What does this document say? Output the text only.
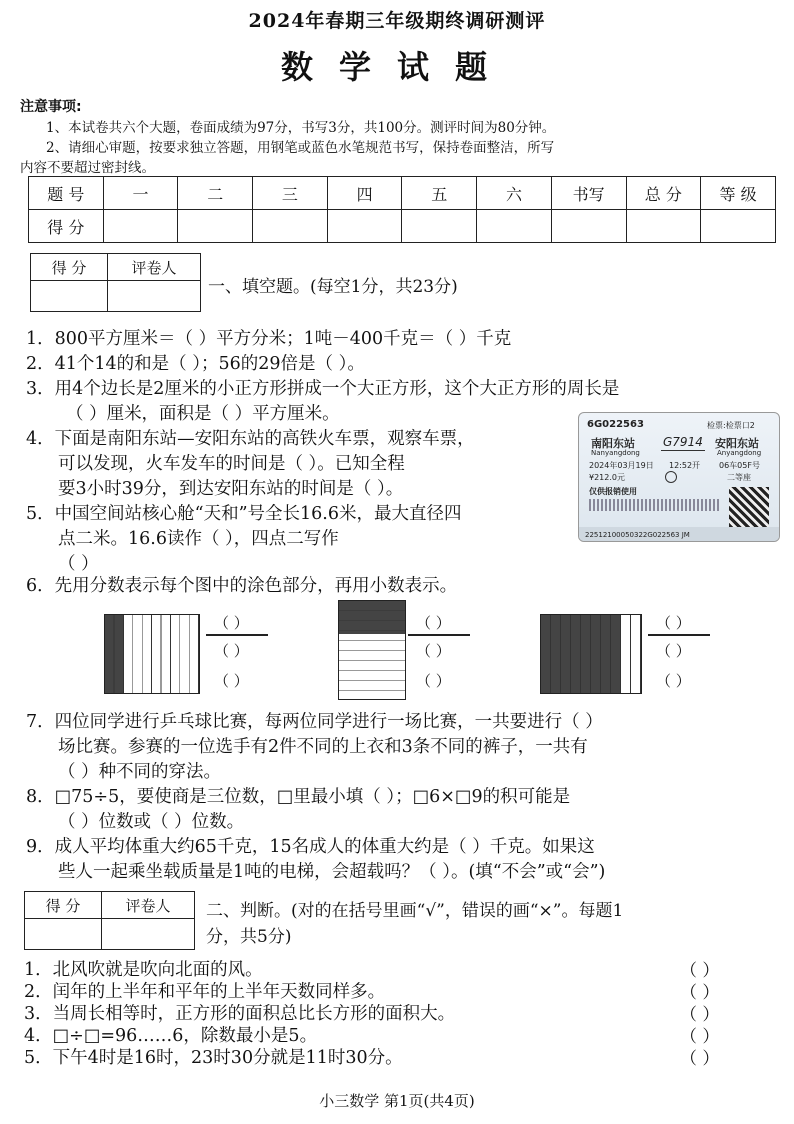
2024年春期三年级期终调研测评
数学试题
注意事项:
1、本试卷共六个大题，卷面成绩为97分，书写3分，共100分。测评时间为80分钟。
2、请细心审题，按要求独立答题，用钢笔或蓝色水笔规范书写，保持卷面整洁，所写
内容不要超过密封线。
题 号	一	二	三	四	五	六	书写	总 分	等 级
得 分									
得 分	评卷人

一、填空题。(每空1分，共23分)
1．800平方厘米＝（ ）平方分米；1吨－400千克＝（ ）千克
2．41个14的和是（ ）；56的29倍是（ ）。
3．用4个边长是2厘米的小正方形拼成一个大正方形，这个大正方形的周长是
（ ）厘米，面积是（ ）平方厘米。
4．下面是南阳东站—安阳东站的高铁火车票，观察车票，
可以发现，火车发车的时间是（ ）。已知全程
要3小时39分，到达安阳东站的时间是（ ）。
5．中国空间站核心舱“天和”号全长16.6米，最大直径四
点二米。16.6读作（ ），四点二写作
（ ）
6G022563	检票:检票口2
南阳东站
Nanyangdong
G7914 安阳东站
Anyangdong
2024年03月19日 12:52开 06车05F号
¥212.0元	二等座
仅供报销使用
22512100050322G022563 JM
6．先用分数表示每个图中的涂色部分，再用小数表示。
（ ）
（ ）
（ ）
（ ）
（ ）
（ ）
（ ）
（ ）
（ ）
7．四位同学进行乒乓球比赛，每两位同学进行一场比赛，一共要进行（ ）
场比赛。参赛的一位选手有2件不同的上衣和3条不同的裤子，一共有
（ ）种不同的穿法。
8．□75÷5，要使商是三位数，□里最小填（ ）；□6×□9的积可能是
（ ）位数或（ ）位数。
9．成人平均体重大约65千克，15名成人的体重大约是（ ）千克。如果这
些人一起乘坐载质量是1吨的电梯，会超载吗？（ ）。(填“不会”或“会”)
得 分	评卷人
	二、判断。(对的在括号里画“√”，错误的画“×”。每题1
分，共5分)
1．北风吹就是吹向北面的风。	（ ）
2．闰年的上半年和平年的上半年天数同样多。	（ ）
3．当周长相等时，正方形的面积总比长方形的面积大。	（ ）
4．□÷□=96……6，除数最小是5。	（ ）
5．下午4时是16时，23时30分就是11时30分。	（ ）
小三数学 第1页(共4页)
